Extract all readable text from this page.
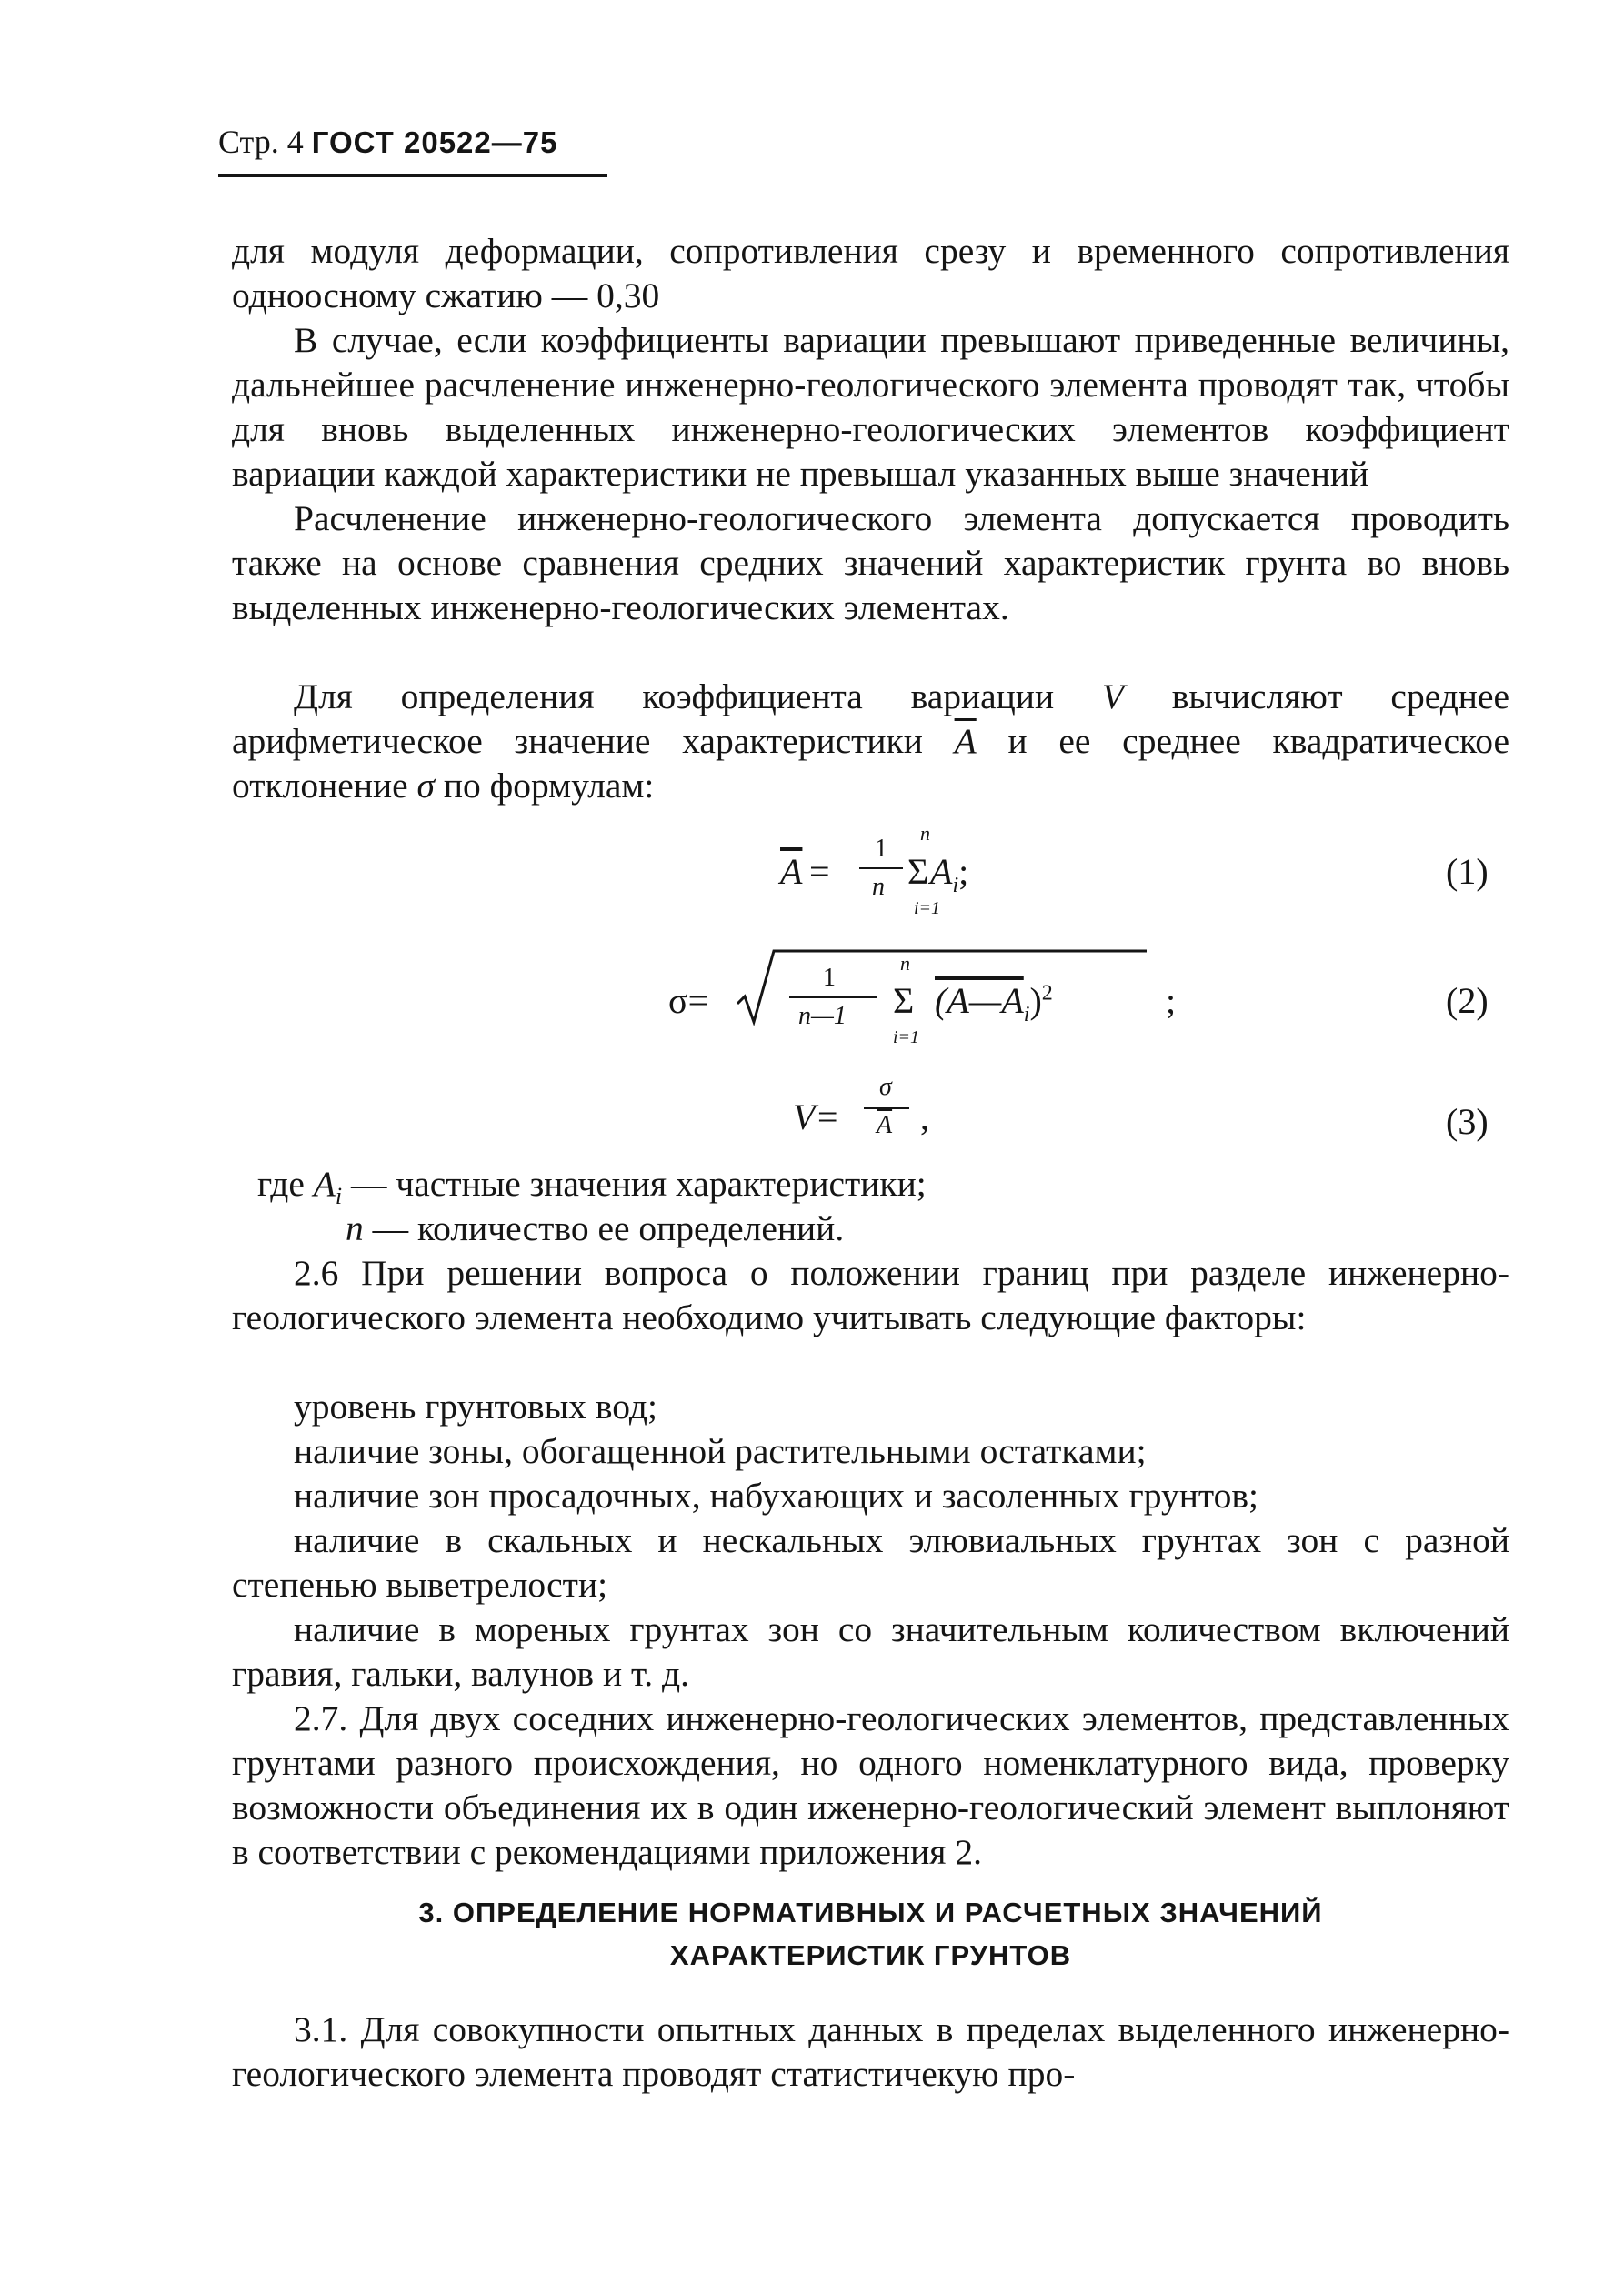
Стр. 4 ГОСТ 20522—75

для модуля деформации, сопротивления срезу и временного сопротивления одноосному сжатию — 0,30

В случае, если коэффициенты вариации превышают приведенные величины, дальнейшее расчленение инженерно-геологического элемента проводят так, чтобы для вновь выделенных инженерно-геологических элементов коэффициент вариации каждой характеристики не превышал указанных выше значений

Расчленение инженерно-геологического элемента допускается проводить также на основе сравнения средних значений характеристик грунта во вновь выделенных инженерно-геологических элементах.

Для определения коэффициента вариации V вычисляют среднее арифметическое значение характеристики $\overline{A}$ и ее среднее квадратическое отклонение σ по формулам:

$\overline{A}$ =
1
n
n
Σ $A_i$;
i=1
(1)
σ=
1
n—1
n
Σ
i=1
$(A—A_i)^2$	;	(2)
V=
σ
$\overline{A}$ ,	(3)

где $A_i$ — частные значения характеристики;

n — количество ее определений.

2.6 При решении вопроса о положении границ при разделе инженерно-геологического элемента необходимо учитывать следующие факторы:

уровень грунтовых вод;
наличие зоны, обогащенной растительными остатками;
наличие зон просадочных, набухающих и засоленных грунтов;

наличие в скальных и нескальных элювиальных грунтах зон с разной степенью выветрелости;

наличие в мореных грунтах зон со значительным количеством включений гравия, гальки, валунов и т. д.

2.7. Для двух соседних инженерно-геологических элементов, представленных грунтами разного происхождения, но одного номенклатурного вида, проверку возможности объединения их в один иженерно-геологический элемент выплоняют в соответствии с рекомендациями приложения 2.

3. ОПРЕДЕЛЕНИЕ НОРМАТИВНЫХ И РАСЧЕТНЫХ ЗНАЧЕНИЙ
ХАРАКТЕРИСТИК ГРУНТОВ

3.1. Для совокупности опытных данных в пределах выделенного инженерно-геологического элемента проводят статистичекую про-
